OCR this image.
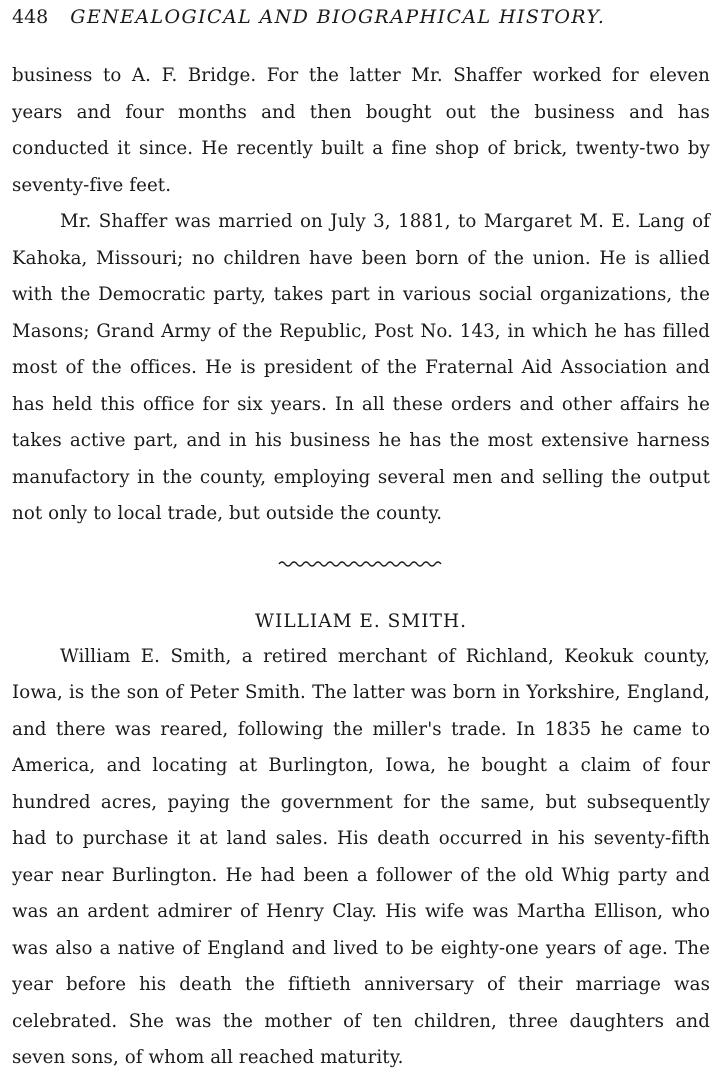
448 GENEALOGICAL AND BIOGRAPHICAL HISTORY.

business to A. F. Bridge. For the latter Mr. Shaffer worked for eleven years and four months and then bought out the business and has conducted it since. He recently built a fine shop of brick, twenty-two by seventy-five feet.

Mr. Shaffer was married on July 3, 1881, to Margaret M. E. Lang of Kahoka, Missouri; no children have been born of the union. He is allied with the Democratic party, takes part in various social organizations, the Masons; Grand Army of the Republic, Post No. 143, in which he has filled most of the offices. He is president of the Fraternal Aid Association and has held this office for six years. In all these orders and other affairs he takes active part, and in his business he has the most extensive harness manufactory in the county, employing several men and selling the output not only to local trade, but outside the county.

WILLIAM E. SMITH.

William E. Smith, a retired merchant of Richland, Keokuk county, Iowa, is the son of Peter Smith. The latter was born in Yorkshire, England, and there was reared, following the miller's trade. In 1835 he came to America, and locating at Burlington, Iowa, he bought a claim of four hundred acres, paying the government for the same, but subsequently had to purchase it at land sales. His death occurred in his seventy-fifth year near Burlington. He had been a follower of the old Whig party and was an ardent admirer of Henry Clay. His wife was Martha Ellison, who was also a native of England and lived to be eighty-one years of age. The year before his death the fiftieth anniversary of their marriage was celebrated. She was the mother of ten children, three daughters and seven sons, of whom all reached maturity.
